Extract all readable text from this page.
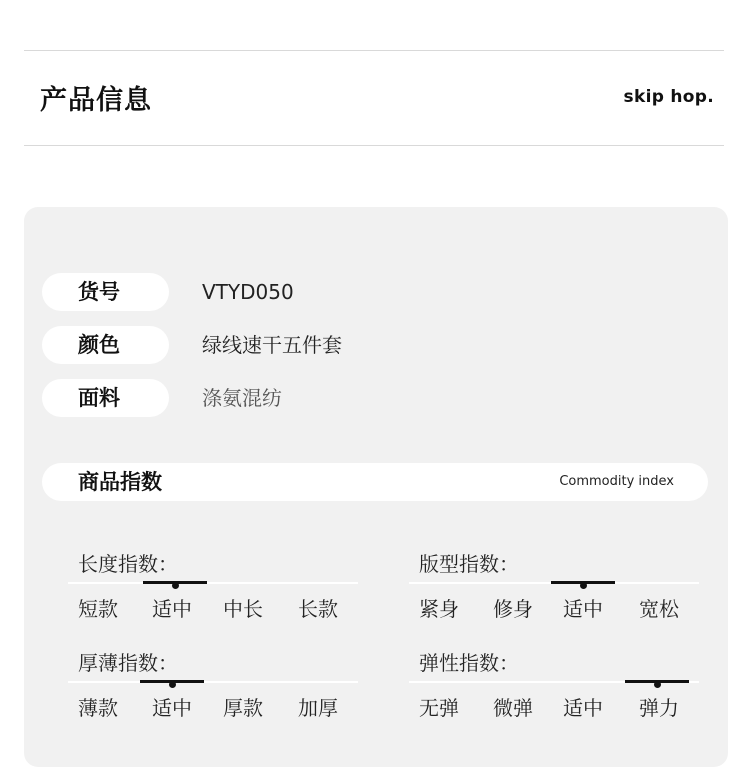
产品信息	skip hop.
货号	VTYD050
颜色	绿线速干五件套
面料	涤氨混纺
商品指数	Commodity index
长度指数：
短款 适中 中长 长款
版型指数：
紧身 修身 适中 宽松
厚薄指数：
薄款 适中 厚款 加厚
弹性指数：
无弹 微弹 适中 弹力
